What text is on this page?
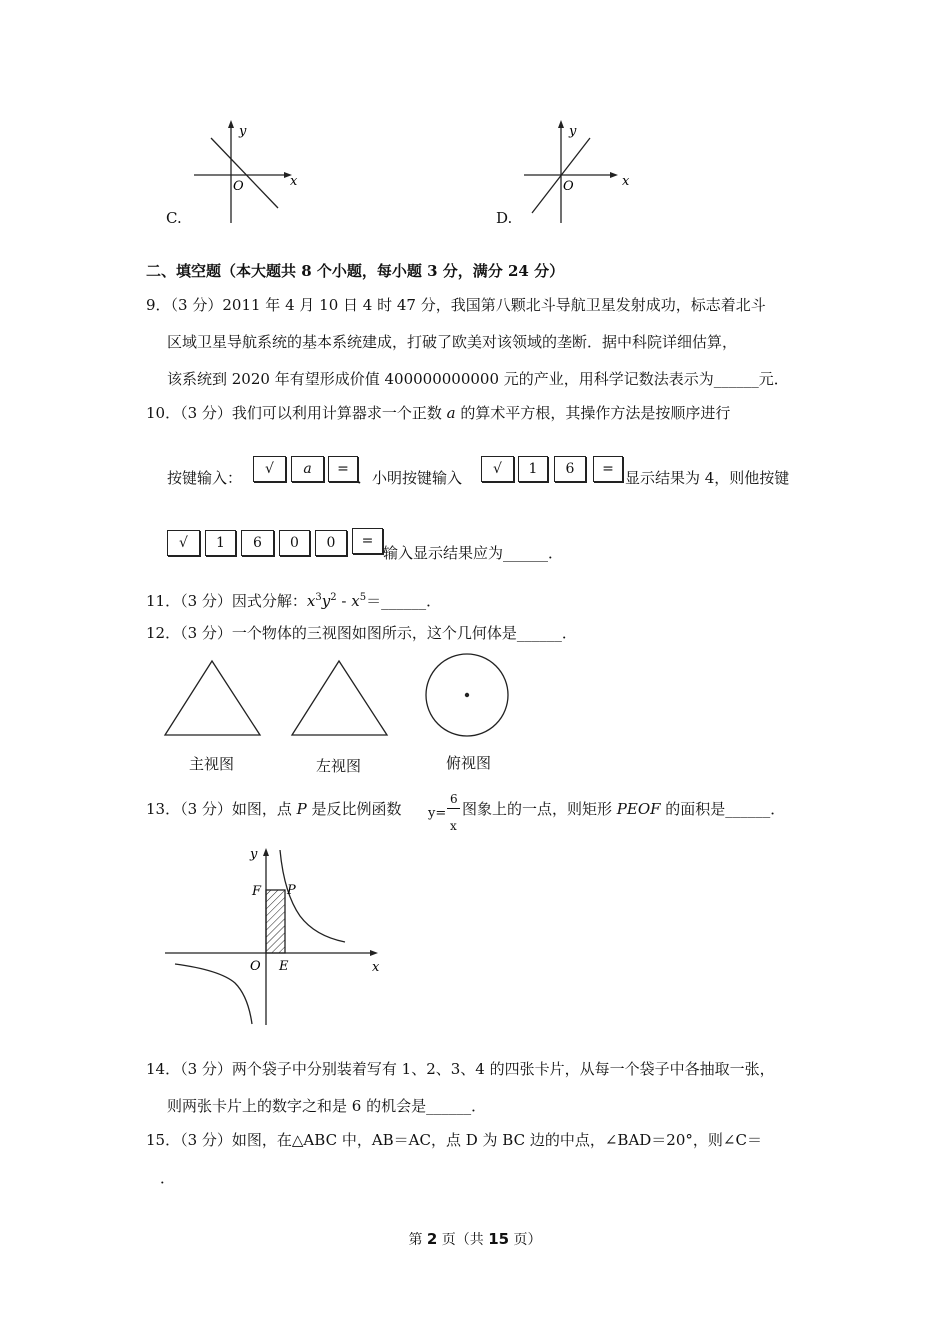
y
x
O
C.
y
x
O
D.
二、填空题（本大题共 8 个小题，每小题 3 分，满分 24 分）
9．（3 分）2011 年 4 月 10 日 4 时 47 分，我国第八颗北斗导航卫星发射成功，标志着北斗
区域卫星导航系统的基本系统建成，打破了欧美对该领域的垄断．据中科院详细估算，
该系统到 2020 年有望形成价值 400000000000 元的产业，用科学记数法表示为______元．
10．（3 分）我们可以利用计算器求一个正数 a 的算术平方根，其操作方法是按顺序进行
按键输入：	√	a	= ．小明按键输入	√	1	6	= 显示结果为 4，则他按键
√	1	6	0	0	=
输入显示结果应为______．
11．（3 分）因式分解：$x^3y^2$ - $x^5=\_\_\_\_\_\_$．
12．（3 分）一个物体的三视图如图所示，这个几何体是______．
主视图	左视图	俯视图
13．（3 分）如图，点 P 是反比例函数 y=
6
x
图象上的一点，则矩形 PEOF 的面积是______．
y
x
F P
O E
14．（3 分）两个袋子中分别装着写有 1、2、3、4 的四张卡片，从每一个袋子中各抽取一张，
则两张卡片上的数字之和是 6 的机会是______．
15．（3 分）如图，在△ABC 中，AB＝AC，点 D 为 BC 边的中点，∠BAD＝20°，则∠C＝
．
第 2 页（共 15 页）
